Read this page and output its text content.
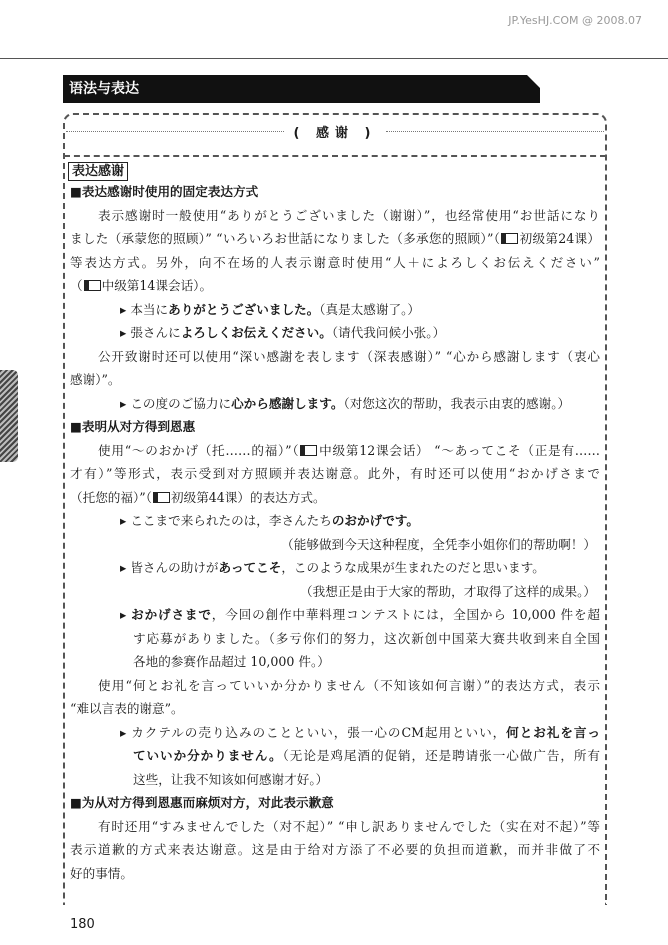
JP.YesHJ.COM @ 2008.07
语法与表达
( 感谢 )
表达感谢
■表达感谢时使用的固定表达方式
表示感谢时一般使用“ありがとうございました（谢谢）”，也经常使用“お世話になり
ました（承蒙您的照顾）” “いろいろお世話になりました（多承您的照顾）”（ 初级第24课）
等表达方式。另外，向不在场的人表示谢意时使用“人＋によろしくお伝えください”
（ 中级第14课会话）。
▸ 本当にありがとうございました。（真是太感谢了。）
▸ 張さんによろしくお伝えください。（请代我问候小张。）
公开致谢时还可以使用“深い感謝を表します（深表感谢）” “心から感謝します（衷心
感谢）”。
▸ この度のご協力に心から感謝します。（对您这次的帮助，我表示由衷的感谢。）
■表明从对方得到恩惠
使用“～のおかげ（托……的福）”（ 中级第12课会话） “～あってこそ（正是有……
才有）”等形式，表示受到对方照顾并表达谢意。此外，有时还可以使用“おかげさまで
（托您的福）”（ 初级第44课）的表达方式。
▸ ここまで来られたのは，李さんたちのおかげです。
（能够做到今天这种程度，全凭李小姐你们的帮助啊！）
▸ 皆さんの助けがあってこそ，このような成果が生まれたのだと思います。
（我想正是由于大家的帮助，才取得了这样的成果。）
▸ おかげさまで，今回の創作中華料理コンテストには，全国から 10,000 件を超
す応募がありました。（多亏你们的努力，这次新创中国菜大赛共收到来自全国
各地的参赛作品超过 10,000 件。）
使用“何とお礼を言っていいか分かりません（不知该如何言谢）”的表达方式，表示
“难以言表的谢意”。
▸ カクテルの売り込みのことといい，張一心のCM起用といい，何とお礼を言っ
ていいか分かりません。（无论是鸡尾酒的促销，还是聘请张一心做广告，所有
这些，让我不知该如何感谢才好。）
■为从对方得到恩惠而麻烦对方，对此表示歉意
有时还用“すみませんでした（对不起）” “申し訳ありませんでした（实在对不起）”等
表示道歉的方式来表达谢意。这是由于给对方添了不必要的负担而道歉，而并非做了不
好的事情。
180
